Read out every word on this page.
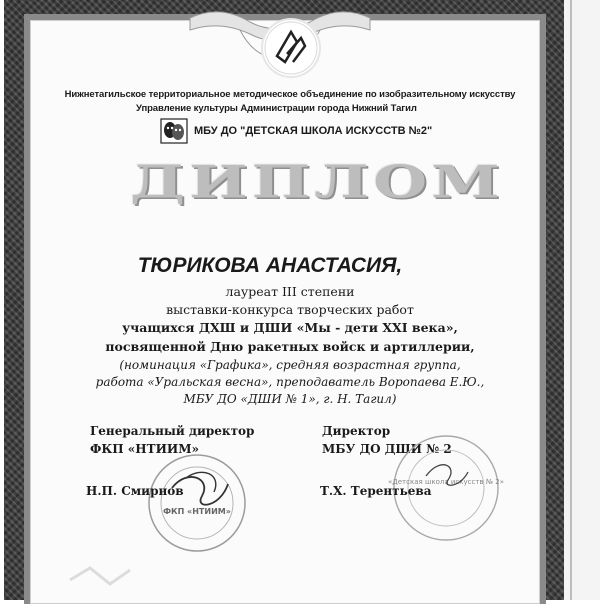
Нижнетагильское территориальное методическое объединение по изобразительному искусству
Управление культуры Администрации города Нижний Тагил
МБУ ДО "ДЕТСКАЯ ШКОЛА ИСКУССТВ №2"
ДИПЛОМ
ТЮРИКОВА АНАСТАСИЯ,
лауреат III степени
выставки-конкурса творческих работ
учащихся ДХШ и ДШИ «Мы - дети XXI века»,
посвященной Дню ракетных войск и артиллерии,
(номинация «Графика», средняя возрастная группа,
работа «Уральская весна», преподаватель Воропаева Е.Ю.,
МБУ ДО «ДШИ № 1», г. Н. Тагил)
Генеральный директор
ФКП «НТИИМ»
Директор
МБУ ДО ДШИ № 2
ФКП «НТИИМ»
Н.П. Смирнов
«Детская школа искусств № 2»
Т.Х. Терентьева
